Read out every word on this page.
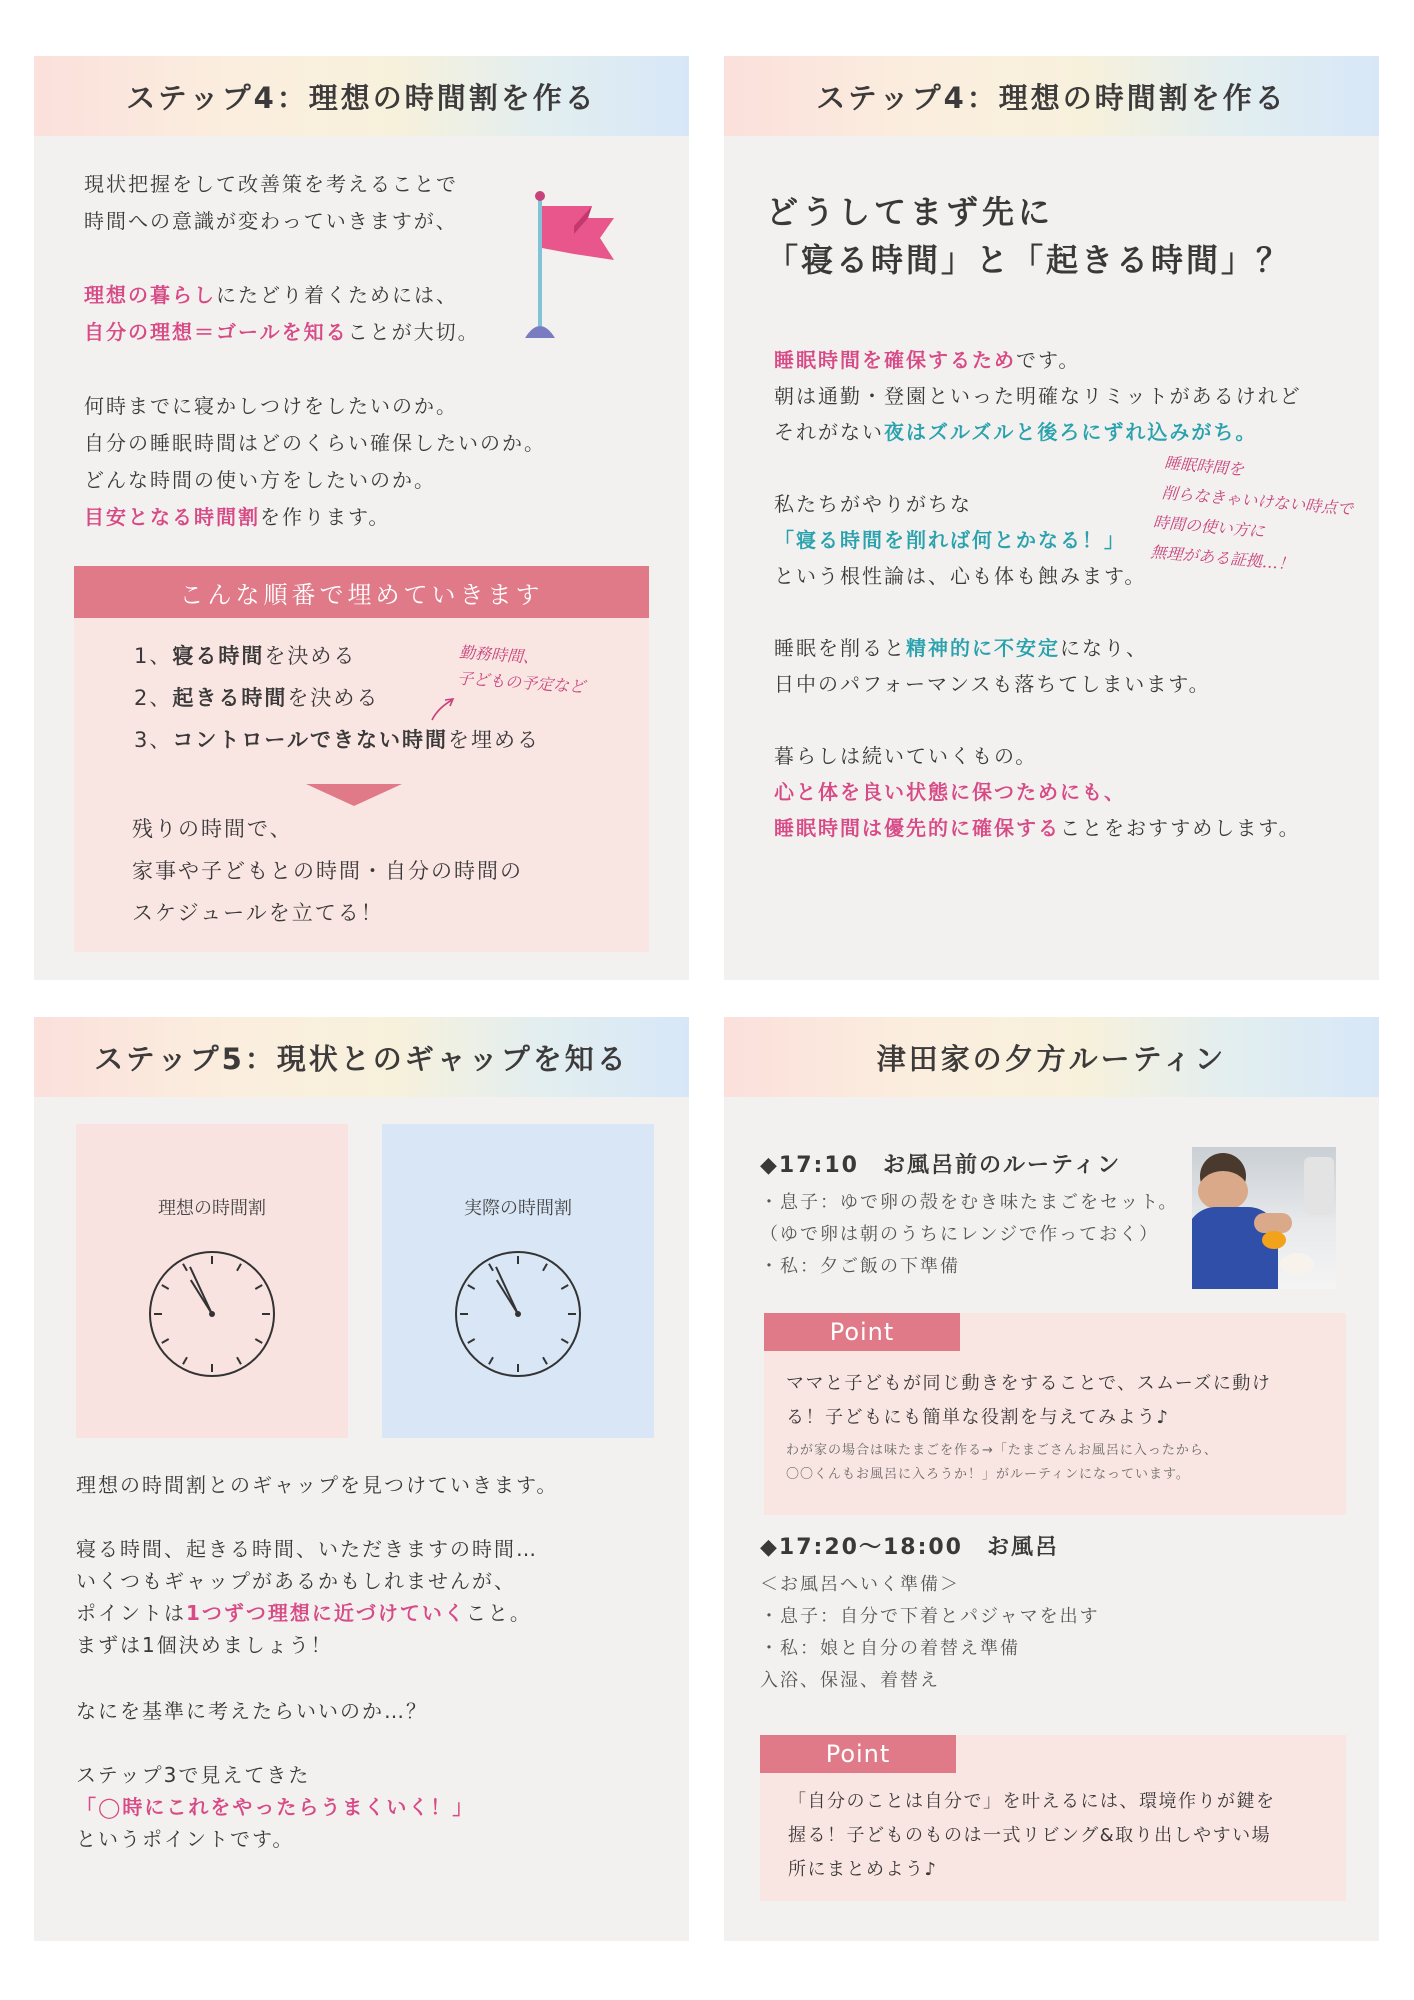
ステップ4：理想の時間割を作る
現状把握をして改善策を考えることで
時間への意識が変わっていきますが、
理想の暮らしにたどり着くためには、
自分の理想＝ゴールを知ることが大切。
何時までに寝かしつけをしたいのか。
自分の睡眠時間はどのくらい確保したいのか。
どんな時間の使い方をしたいのか。
目安となる時間割を作ります。
こんな順番で埋めていきます
1、寝る時間を決める
2、起きる時間を決める
3、コントロールできない時間を埋める
勤務時間、
子どもの予定など
残りの時間で、
家事や子どもとの時間・自分の時間の
スケジュールを立てる！
ステップ4：理想の時間割を作る
どうしてまず先に
「寝る時間」と「起きる時間」？
睡眠時間を確保するためです。
朝は通勤・登園といった明確なリミットがあるけれど
それがない夜はズルズルと後ろにずれ込みがち。
私たちがやりがちな
「寝る時間を削れば何とかなる！」
という根性論は、心も体も蝕みます。
睡眠時間を
削らなきゃいけない時点で
時間の使い方に
無理がある証拠…！
睡眠を削ると精神的に不安定になり、
日中のパフォーマンスも落ちてしまいます。
暮らしは続いていくもの。
心と体を良い状態に保つためにも、
睡眠時間は優先的に確保することをおすすめします。
ステップ5：現状とのギャップを知る
理想の時間割	実際の時間割
理想の時間割とのギャップを見つけていきます。
寝る時間、起きる時間、いただきますの時間…
いくつもギャップがあるかもしれませんが、
ポイントは1つずつ理想に近づけていくこと。
まずは1個決めましょう！
なにを基準に考えたらいいのか…？
ステップ3で見えてきた
「◯時にこれをやったらうまくいく！」
というポイントです。
津田家の夕方ルーティン
◆17:10　お風呂前のルーティン
・息子：ゆで卵の殻をむき味たまごをセット。
（ゆで卵は朝のうちにレンジで作っておく）
・私：夕ご飯の下準備
Point
ママと子どもが同じ動きをすることで、スムーズに動け
る！子どもにも簡単な役割を与えてみよう♪
わが家の場合は味たまごを作る→「たまごさんお風呂に入ったから、
〇〇くんもお風呂に入ろうか！」がルーティンになっています。
◆17:20～18:00　お風呂
＜お風呂へいく準備＞
・息子：自分で下着とパジャマを出す
・私：娘と自分の着替え準備
入浴、保湿、着替え
Point
「自分のことは自分で」を叶えるには、環境作りが鍵を
握る！子どものものは一式リビング&取り出しやすい場
所にまとめよう♪
